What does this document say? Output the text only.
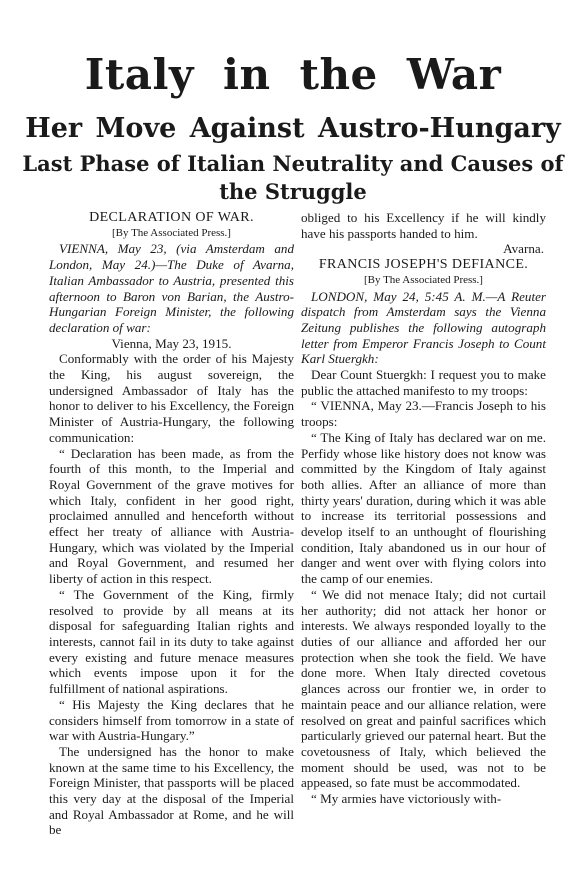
Italy in the War
Her Move Against Austro-Hungary
Last Phase of Italian Neutrality and Causes of the Struggle

DECLARATION OF WAR.

[By The Associated Press.]

VIENNA, May 23, (via Amsterdam and London, May 24.)—The Duke of Avarna, Italian Ambassador to Austria, presented this afternoon to Baron von Barian, the Austro-Hungarian Foreign Minister, the following declaration of war:

Vienna, May 23, 1915.

Conformably with the order of his Majesty the King, his august sovereign, the undersigned Ambassador of Italy has the honor to deliver to his Excellency, the Foreign Minister of Austria-Hungary, the following communication:

“ Declaration has been made, as from the fourth of this month, to the Imperial and Royal Government of the grave motives for which Italy, confident in her good right, proclaimed annulled and henceforth without effect her treaty of alliance with Austria-Hungary, which was violated by the Imperial and Royal Government, and resumed her liberty of action in this respect.

“ The Government of the King, firmly resolved to provide by all means at its disposal for safeguarding Italian rights and interests, cannot fail in its duty to take against every existing and future menace measures which events impose upon it for the fulfillment of national aspirations.

“ His Majesty the King declares that he considers himself from tomorrow in a state of war with Austria-Hungary.”

The undersigned has the honor to make known at the same time to his Excellency, the Foreign Minister, that passports will be placed this very day at the disposal of the Imperial and Royal Ambassador at Rome, and he will be

obliged to his Excellency if he will kindly have his passports handed to him.

Avarna.

FRANCIS JOSEPH'S DEFIANCE.

[By The Associated Press.]

LONDON, May 24, 5:45 A. M.—A Reuter dispatch from Amsterdam says the Vienna Zeitung publishes the following autograph letter from Emperor Francis Joseph to Count Karl Stuergkh:

Dear Count Stuergkh: I request you to make public the attached manifesto to my troops:

“ VIENNA, May 23.—Francis Joseph to his troops:

“ The King of Italy has declared war on me. Perfidy whose like history does not know was committed by the Kingdom of Italy against both allies. After an alliance of more than thirty years' duration, during which it was able to increase its territorial possessions and develop itself to an unthought of flourishing condition, Italy abandoned us in our hour of danger and went over with flying colors into the camp of our enemies.

“ We did not menace Italy; did not curtail her authority; did not attack her honor or interests. We always responded loyally to the duties of our alliance and afforded her our protection when she took the field. We have done more. When Italy directed covetous glances across our frontier we, in order to maintain peace and our alliance relation, were resolved on great and painful sacrifices which particularly grieved our paternal heart. But the covetousness of Italy, which believed the moment should be used, was not to be appeased, so fate must be accommodated.

“ My armies have victoriously with-
